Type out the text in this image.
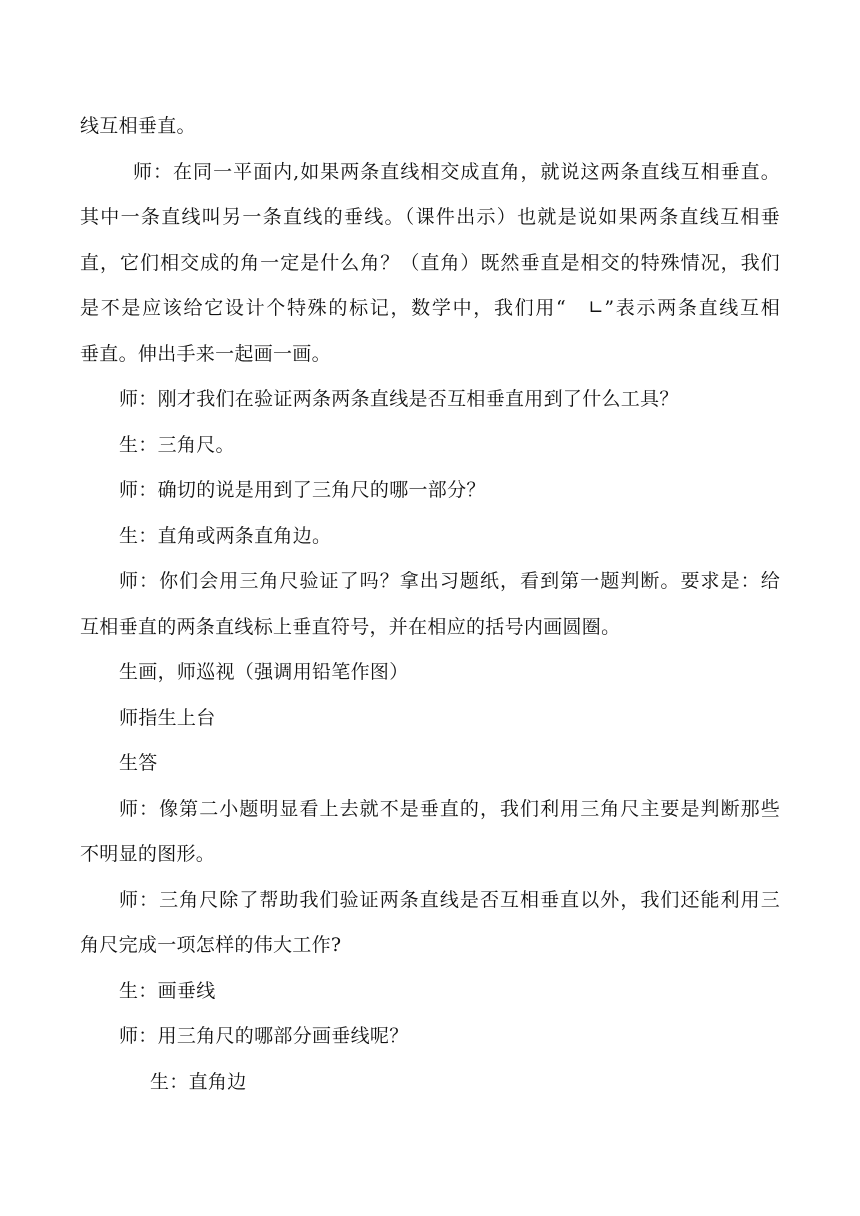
线互相垂直。
师：在同一平面内,如果两条直线相交成直角，就说这两条直线互相垂直。
其中一条直线叫另一条直线的垂线。（课件出示）也就是说如果两条直线互相垂
直，它们相交成的角一定是什么角？（直角）既然垂直是相交的特殊情况，我们
是不是应该给它设计个特殊的标记，数学中，我们用“　∟”表示两条直线互相
垂直。伸出手来一起画一画。
师：刚才我们在验证两条两条直线是否互相垂直用到了什么工具？
生：三角尺。
师：确切的说是用到了三角尺的哪一部分？
生：直角或两条直角边。
师：你们会用三角尺验证了吗？拿出习题纸，看到第一题判断。要求是：给
互相垂直的两条直线标上垂直符号，并在相应的括号内画圆圈。
生画，师巡视（强调用铅笔作图）
师指生上台
生答
师：像第二小题明显看上去就不是垂直的，我们利用三角尺主要是判断那些
不明显的图形。
师：三角尺除了帮助我们验证两条直线是否互相垂直以外，我们还能利用三
角尺完成一项怎样的伟大工作?
生：画垂线
师：用三角尺的哪部分画垂线呢？
生：直角边
